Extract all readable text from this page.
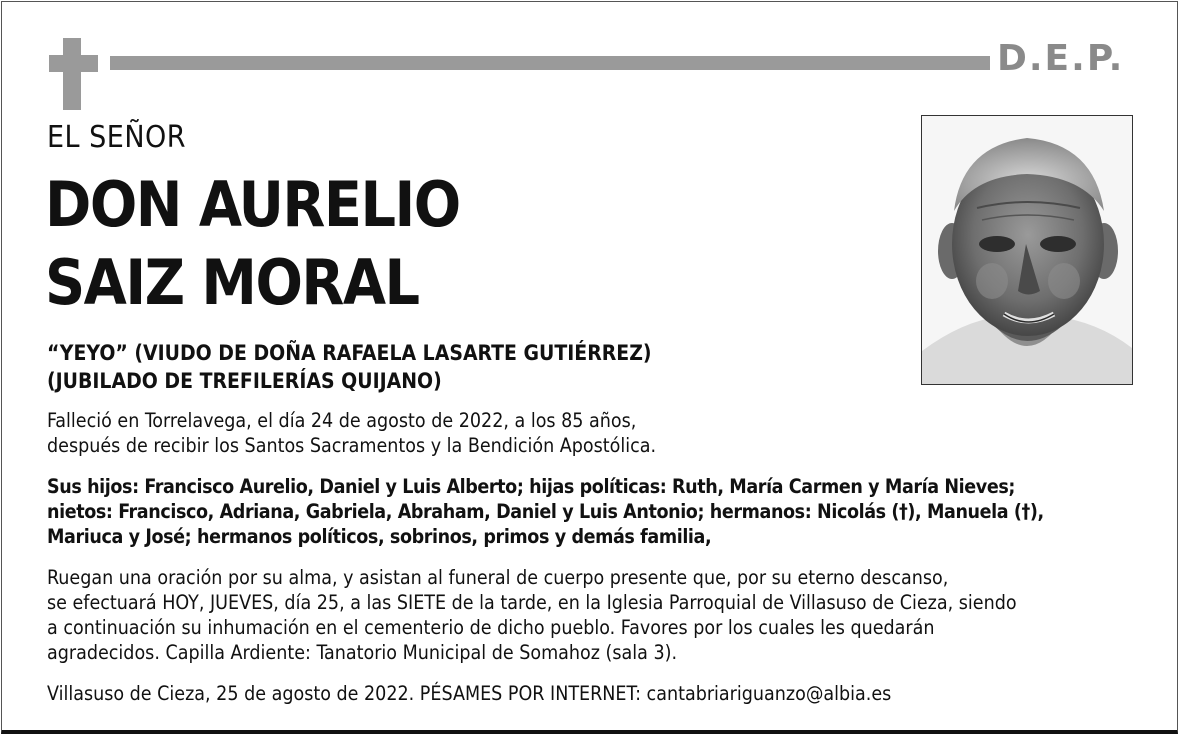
D.E.P.
EL SEÑOR
DON AURELIO
SAIZ MORAL
“YEYO” (VIUDO DE DOÑA RAFAELA LASARTE GUTIÉRREZ)
(JUBILADO DE TREFILERÍAS QUIJANO)
Falleció en Torrelavega, el día 24 de agosto de 2022, a los 85 años,
después de recibir los Santos Sacramentos y la Bendición Apostólica.
Sus hijos: Francisco Aurelio, Daniel y Luis Alberto; hijas políticas: Ruth, María Carmen y María Nieves;
nietos: Francisco, Adriana, Gabriela, Abraham, Daniel y Luis Antonio; hermanos: Nicolás (†), Manuela (†),
Mariuca y José; hermanos políticos, sobrinos, primos y demás familia,
Ruegan una oración por su alma, y asistan al funeral de cuerpo presente que, por su eterno descanso,
se efectuará HOY, JUEVES, día 25, a las SIETE de la tarde, en la Iglesia Parroquial de Villasuso de Cieza, siendo
a continuación su inhumación en el cementerio de dicho pueblo. Favores por los cuales les quedarán
agradecidos. Capilla Ardiente: Tanatorio Municipal de Somahoz (sala 3).
Villasuso de Cieza, 25 de agosto de 2022. PÉSAMES POR INTERNET: cantabriariguanzo@albia.es
